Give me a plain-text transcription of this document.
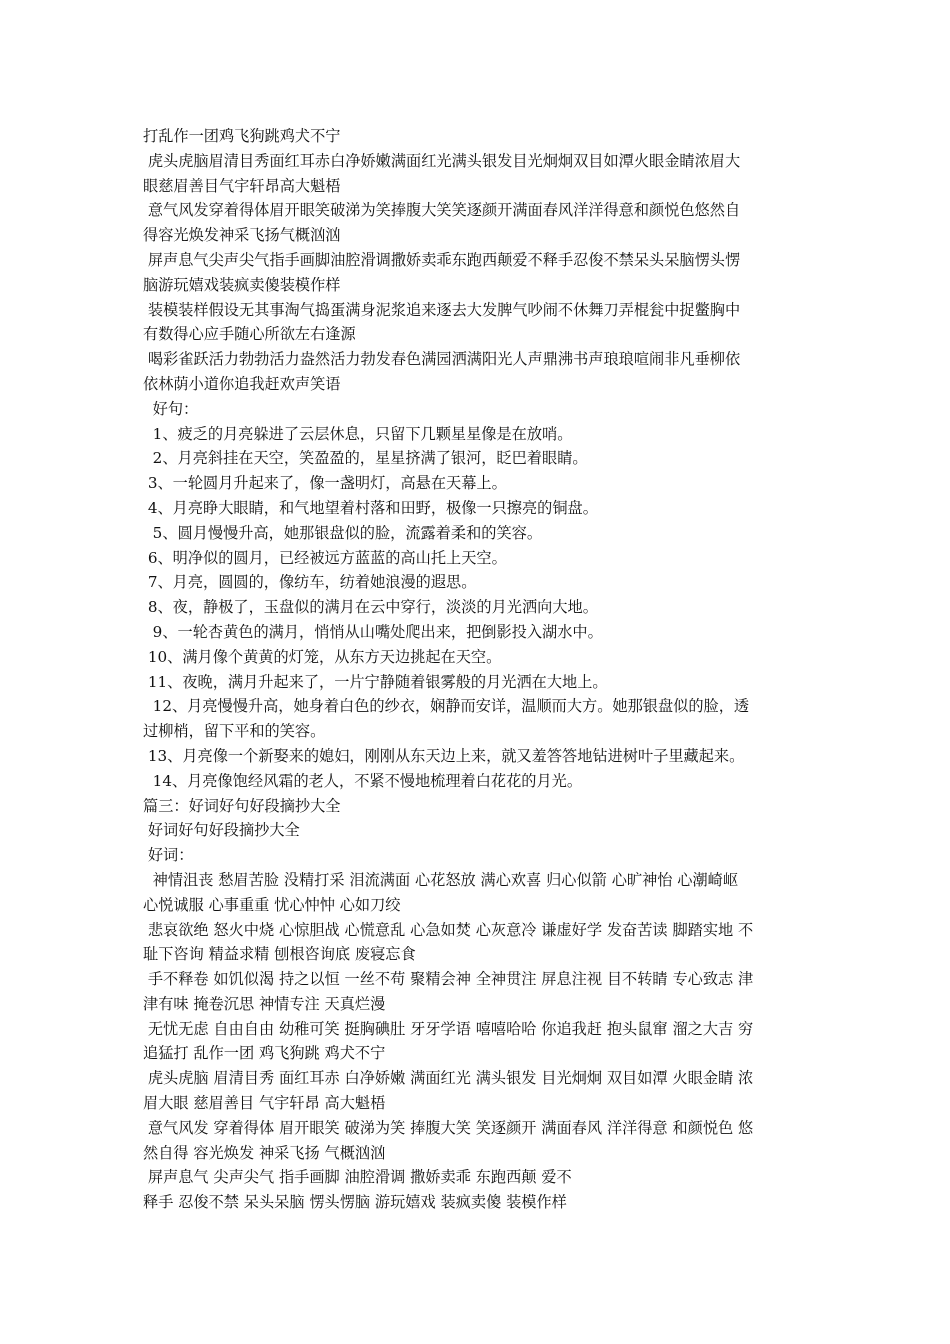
打乱作一团鸡飞狗跳鸡犬不宁
虎头虎脑眉清目秀面红耳赤白净娇嫩满面红光满头银发目光炯炯双目如潭火眼金睛浓眉大
眼慈眉善目气宇轩昂高大魁梧
意气风发穿着得体眉开眼笑破涕为笑捧腹大笑笑逐颜开满面春风洋洋得意和颜悦色悠然自
得容光焕发神采飞扬气概汹汹
屏声息气尖声尖气指手画脚油腔滑调撒娇卖乖东跑西颠爱不释手忍俊不禁呆头呆脑愣头愣
脑游玩嬉戏装疯卖傻装模作样
装模装样假设无其事淘气捣蛋满身泥浆追来逐去大发脾气吵闹不休舞刀弄棍瓮中捉鳖胸中
有数得心应手随心所欲左右逢源
喝彩雀跃活力勃勃活力盎然活力勃发春色满园洒满阳光人声鼎沸书声琅琅喧闹非凡垂柳依
依林荫小道你追我赶欢声笑语
好句：
1、疲乏的月亮躲进了云层休息，只留下几颗星星像是在放哨。
2、月亮斜挂在天空，笑盈盈的，星星挤满了银河，眨巴着眼睛。
3、一轮圆月升起来了，像一盏明灯，高悬在天幕上。
4、月亮睁大眼睛，和气地望着村落和田野，极像一只擦亮的铜盘。
5、圆月慢慢升高，她那银盘似的脸，流露着柔和的笑容。
6、明净似的圆月，已经被远方蓝蓝的高山托上天空。
7、月亮，圆圆的，像纺车，纺着她浪漫的遐思。
8、夜，静极了，玉盘似的满月在云中穿行，淡淡的月光洒向大地。
9、一轮杏黄色的满月，悄悄从山嘴处爬出来，把倒影投入湖水中。
10、满月像个黄黄的灯笼，从东方天边挑起在天空。
11、夜晚，满月升起来了，一片宁静随着银雾般的月光洒在大地上。
12、月亮慢慢升高，她身着白色的纱衣，娴静而安详，温顺而大方。她那银盘似的脸，透
过柳梢，留下平和的笑容。
13、月亮像一个新娶来的媳妇，刚刚从东天边上来，就又羞答答地钻进树叶子里藏起来。
14、月亮像饱经风霜的老人，不紧不慢地梳理着白花花的月光。
篇三：好词好句好段摘抄大全
好词好句好段摘抄大全
好词：
神情沮丧 愁眉苦脸 没精打采 泪流满面 心花怒放 满心欢喜 归心似箭 心旷神怡 心潮崎岖
心悦诚服 心事重重 忧心忡忡 心如刀绞
悲哀欲绝 怒火中烧 心惊胆战 心慌意乱 心急如焚 心灰意冷 谦虚好学 发奋苦读 脚踏实地 不
耻下咨询 精益求精 刨根咨询底 废寝忘食
手不释卷 如饥似渴 持之以恒 一丝不苟 聚精会神 全神贯注 屏息注视 目不转睛 专心致志 津
津有味 掩卷沉思 神情专注 天真烂漫
无忧无虑 自由自由 幼稚可笑 挺胸碘肚 牙牙学语 嘻嘻哈哈 你追我赶 抱头鼠窜 溜之大吉 穷
追猛打 乱作一团 鸡飞狗跳 鸡犬不宁
虎头虎脑 眉清目秀 面红耳赤 白净娇嫩 满面红光 满头银发 目光炯炯 双目如潭 火眼金睛 浓
眉大眼 慈眉善目 气宇轩昂 高大魁梧
意气风发 穿着得体 眉开眼笑 破涕为笑 捧腹大笑 笑逐颜开 满面春风 洋洋得意 和颜悦色 悠
然自得 容光焕发 神采飞扬 气概汹汹
屏声息气 尖声尖气 指手画脚 油腔滑调 撒娇卖乖 东跑西颠 爱不
释手 忍俊不禁 呆头呆脑 愣头愣脑 游玩嬉戏 装疯卖傻 装模作样
